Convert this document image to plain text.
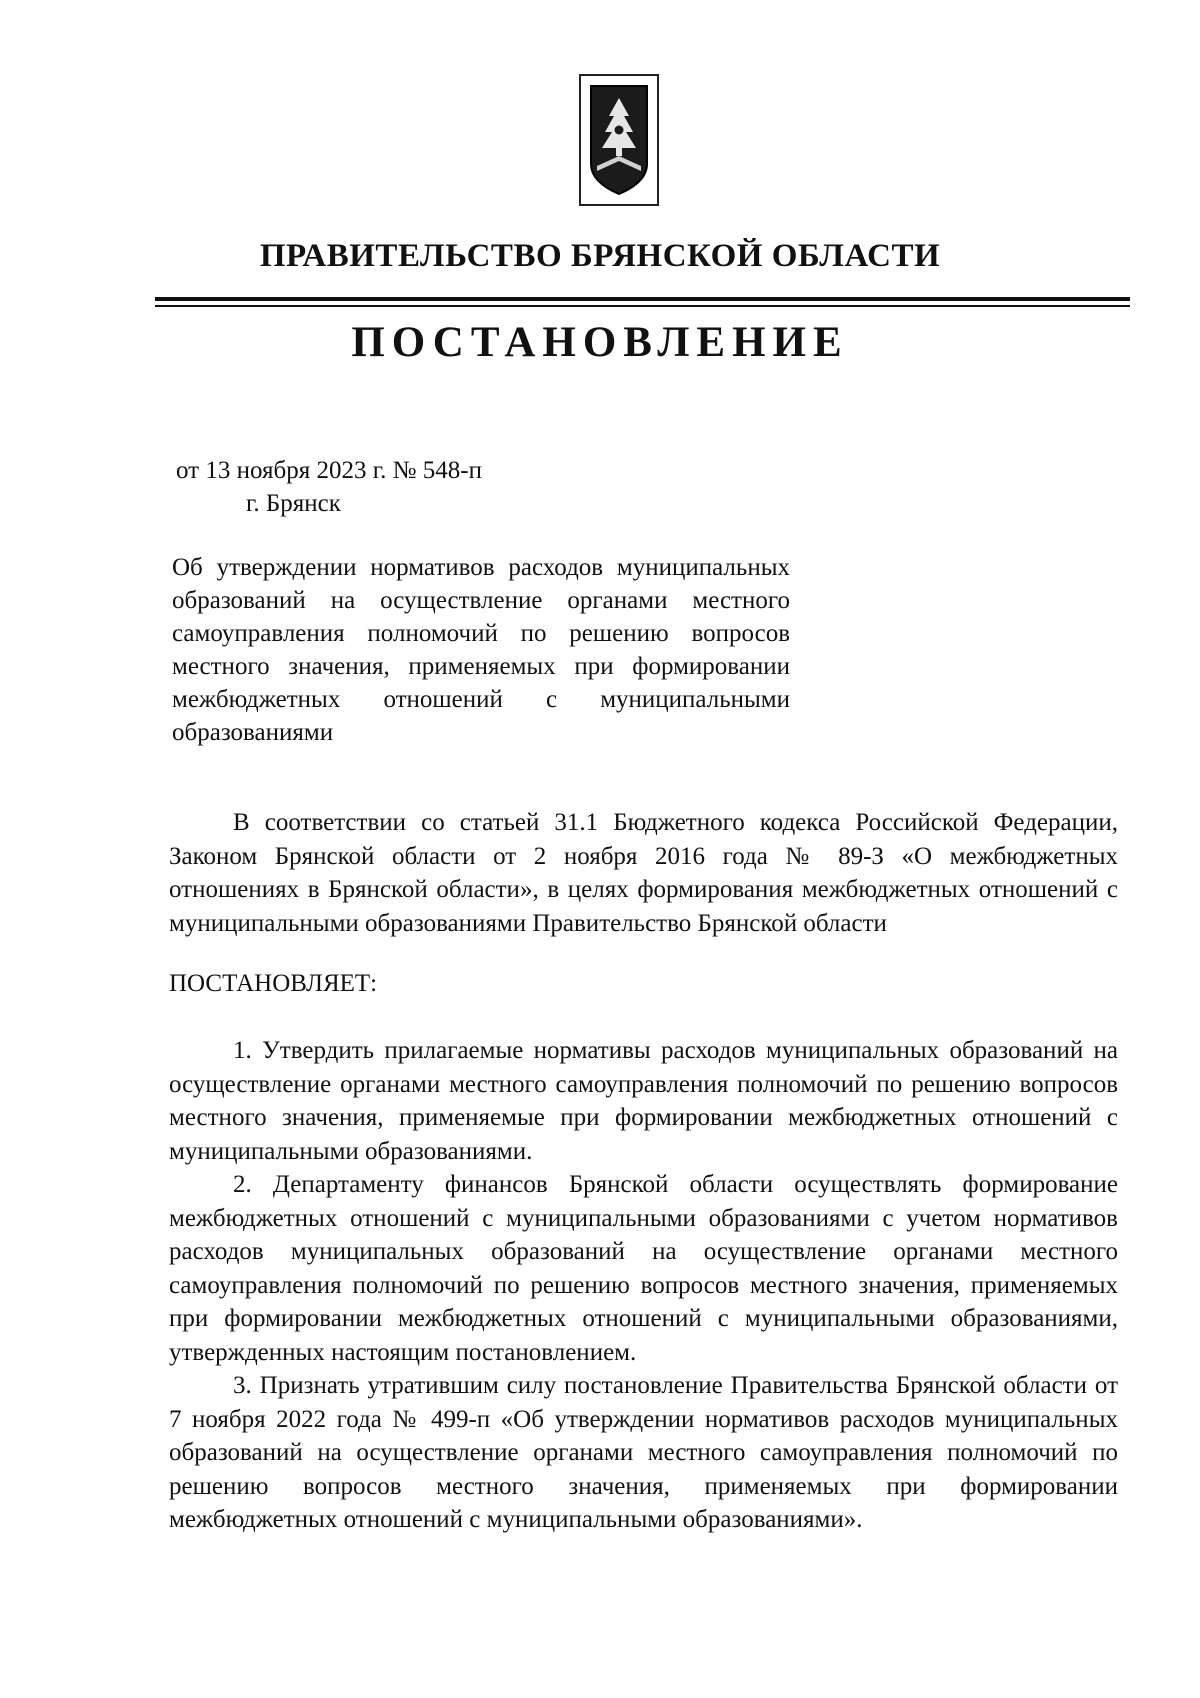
ПРАВИТЕЛЬСТВО БРЯНСКОЙ ОБЛАСТИ
ПОСТАНОВЛЕНИЕ
от 13 ноября 2023 г. № 548-п
г. Брянск
Об утверждении нормативов расходов муниципальных образований на осуществление органами местного самоуправления полномочий по решению вопросов местного значения, применяемых при формировании межбюджетных отношений с муниципальными образованиями

В соответствии со статьей 31.1 Бюджетного кодекса Российской Федерации, Законом Брянской области от 2 ноября 2016 года № 89-З «О межбюджетных отношениях в Брянской области», в целях формирования межбюджетных отношений с муниципальными образованиями Правительство Брянской области

ПОСТАНОВЛЯЕТ:

1. Утвердить прилагаемые нормативы расходов муниципальных образований на осуществление органами местного самоуправления полномочий по решению вопросов местного значения, применяемые при формировании межбюджетных отношений с муниципальными образованиями.

2. Департаменту финансов Брянской области осуществлять формирование межбюджетных отношений с муниципальными образованиями с учетом нормативов расходов муниципальных образований на осуществление органами местного самоуправления полномочий по решению вопросов местного значения, применяемых при формировании межбюджетных отношений с муниципальными образованиями, утвержденных настоящим постановлением.

3. Признать утратившим силу постановление Правительства Брянской области от 7 ноября 2022 года № 499-п «Об утверждении нормативов расходов муниципальных образований на осуществление органами местного самоуправления полномочий по решению вопросов местного значения, применяемых при формировании межбюджетных отношений с муниципальными образованиями».
